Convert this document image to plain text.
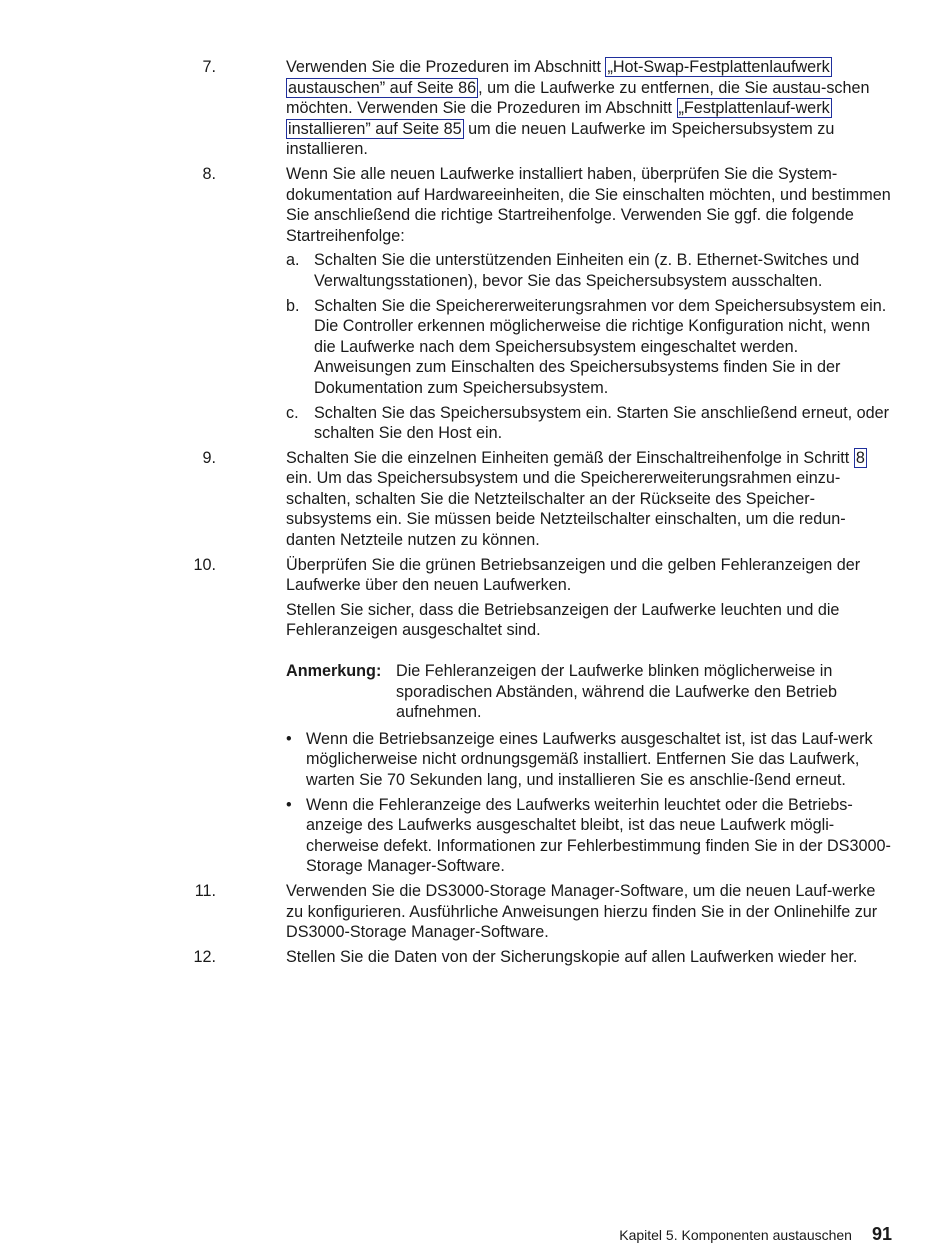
7.	Verwenden Sie die Prozeduren im Abschnitt „Hot-Swap-Festplattenlaufwerk austauschen” auf Seite 86 , um die Laufwerke zu entfernen, die Sie austau-schen möchten. Verwenden Sie die Prozeduren im Abschnitt „Festplattenlauf-werk installieren” auf Seite 85 um die neuen Laufwerke im Speichersubsystem zu installieren.

8.	Wenn Sie alle neuen Laufwerke installiert haben, überprüfen Sie die System-dokumentation auf Hardwareeinheiten, die Sie einschalten möchten, und bestimmen Sie anschließend die richtige Startreihenfolge. Verwenden Sie ggf. die folgende Startreihenfolge:

a. Schalten Sie die unterstützenden Einheiten ein (z. B. Ethernet-Switches und Verwaltungsstationen), bevor Sie das Speichersubsystem ausschalten.

b. Schalten Sie die Speichererweiterungsrahmen vor dem Speichersubsystem ein. Die Controller erkennen möglicherweise die richtige Konfiguration nicht, wenn die Laufwerke nach dem Speichersubsystem eingeschaltet werden. Anweisungen zum Einschalten des Speichersubsystems finden Sie in der Dokumentation zum Speichersubsystem.

c. Schalten Sie das Speichersubsystem ein. Starten Sie anschließend erneut, oder schalten Sie den Host ein.

9.	Schalten Sie die einzelnen Einheiten gemäß der Einschaltreihenfolge in Schritt 8 ein. Um das Speichersubsystem und die Speichererweiterungsrahmen einzu-schalten, schalten Sie die Netzteilschalter an der Rückseite des Speicher-subsystems ein. Sie müssen beide Netzteilschalter einschalten, um die redun-danten Netzteile nutzen zu können.

10.	Überprüfen Sie die grünen Betriebsanzeigen und die gelben Fehleranzeigen der Laufwerke über den neuen Laufwerken.

Stellen Sie sicher, dass die Betriebsanzeigen der Laufwerke leuchten und die Fehleranzeigen ausgeschaltet sind.

Anmerkung: Die Fehleranzeigen der Laufwerke blinken möglicherweise in sporadischen Abständen, während die Laufwerke den Betrieb aufnehmen.
• Wenn die Betriebsanzeige eines Laufwerks ausgeschaltet ist, ist das Lauf-werk möglicherweise nicht ordnungsgemäß installiert. Entfernen Sie das Laufwerk, warten Sie 70 Sekunden lang, und installieren Sie es anschlie-ßend erneut.

• Wenn die Fehleranzeige des Laufwerks weiterhin leuchtet oder die Betriebs-anzeige des Laufwerks ausgeschaltet bleibt, ist das neue Laufwerk mögli-cherweise defekt. Informationen zur Fehlerbestimmung finden Sie in der DS3000-Storage Manager-Software.

11.	Verwenden Sie die DS3000-Storage Manager-Software, um die neuen Lauf-werke zu konfigurieren. Ausführliche Anweisungen hierzu finden Sie in der Onlinehilfe zur DS3000-Storage Manager-Software.

12.	Stellen Sie die Daten von der Sicherungskopie auf allen Laufwerken wieder her.

Kapitel 5. Komponenten austauschen 91
